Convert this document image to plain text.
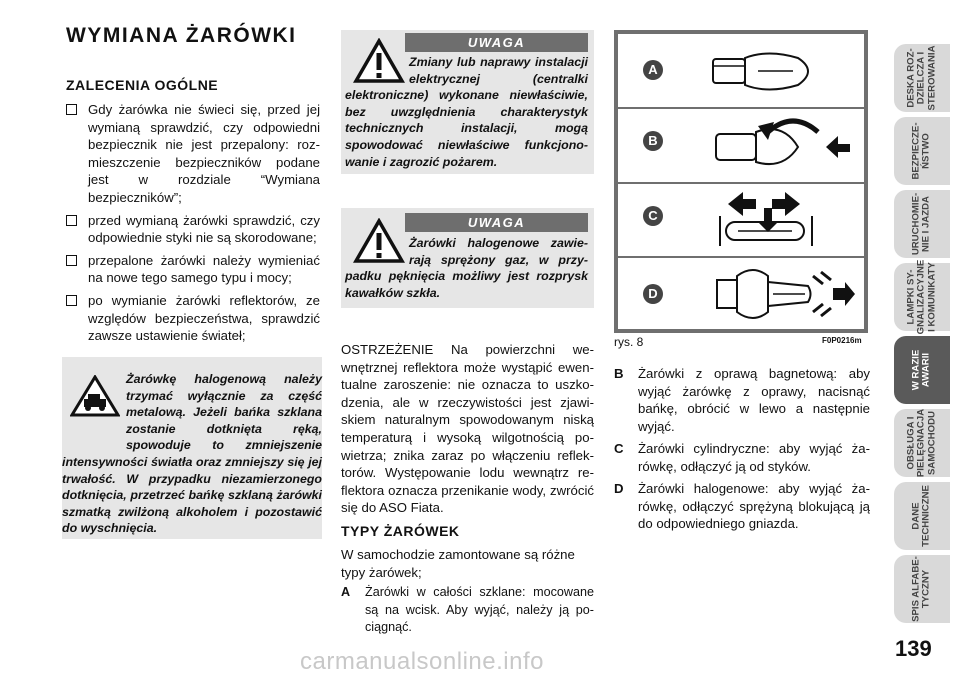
WYMIANA ŻARÓWKI
ZALECENIA OGÓLNE
Gdy żarówka nie świeci się, przed jej wymianą sprawdzić, czy odpowiedni bezpiecznik nie jest przepalony: rozmieszczenie bezpieczników podane jest w rozdziale “Wymiana bezpieczników”;
przed wymianą żarówki sprawdzić, czy odpowiednie styki nie są skorodowane;
przepalone żarówki należy wymieniać na nowe tego samego typu i mocy;
po wymianie żarówki reflektorów, ze względów bezpieczeństwa, sprawdzić zawsze ustawienie świateł;
Żarówkę halogenową należy trzymać wyłącznie za część metalową. Jeżeli bańka szklana zostanie dotknięta ręką, spowoduje to zmniejszenie intensywności światła oraz zmniejszy się jej trwałość. W przypadku niezamierzonego dotknięcia, przetrzeć bańkę szklaną żarówki szmatką zwilżoną alkoholem i pozostawić do wyschnięcia.
UWAGA
Zmiany lub naprawy instalacji elektrycznej (centralki elektroniczne) wykonane niewłaściwie, bez uwzględnienia charakterystyk technicznych instalacji, mogą spowodować niewłaściwe funkcjonowanie i zagrozić pożarem.
UWAGA
Żarówki halogenowe zawierają sprężony gaz, w przypadku pęknięcia możliwy jest rozprysk kawałków szkła.
OSTRZEŻENIE Na powierzchni wewnętrznej reflektora może wystąpić ewentualne zaroszenie: nie oznacza to uszkodzenia, ale w rzeczywistości jest zjawiskiem naturalnym spowodowanym niską temperaturą i wysoką wilgotnością powietrza; znika zaraz po włączeniu reflektorów. Występowanie lodu wewnątrz reflektora oznacza przenikanie wody, zwrócić się do ASO Fiata.
TYPY ŻARÓWEK
W samochodzie zamontowane są różne typy żarówek;
A Żarówki w całości szklane: mocowane są na wcisk. Aby wyjąć, należy ją pociągnąć.
A
B
C
D
rys. 8	F0P0216m
B Żarówki z oprawą bagnetową: aby wyjąć żarówkę z oprawy, nacisnąć bańkę, obrócić w lewo a następnie wyjąć.
C Żarówki cylindryczne: aby wyjąć żarówkę, odłączyć ją od styków.
D Żarówki halogenowe: aby wyjąć żarówkę, odłączyć sprężyną blokującą ją do odpowiedniego gniazda.
DESKA ROZ-
DZIELCZA I
STEROWANIA
BEZPIECZE-
ŃSTWO
URUCHOMIE-
NIE I JAZDA
LAMPKI SY-
GNALIZACYJNE
I KOMUNIKATY
W RAZIE
AWARII
OBSŁUGA I
PIELĘGNACJA
SAMOCHODU
DANE
TECHNICZNE
SPIS ALFABE-
TYCZNY
139
carmanualsonline.info
